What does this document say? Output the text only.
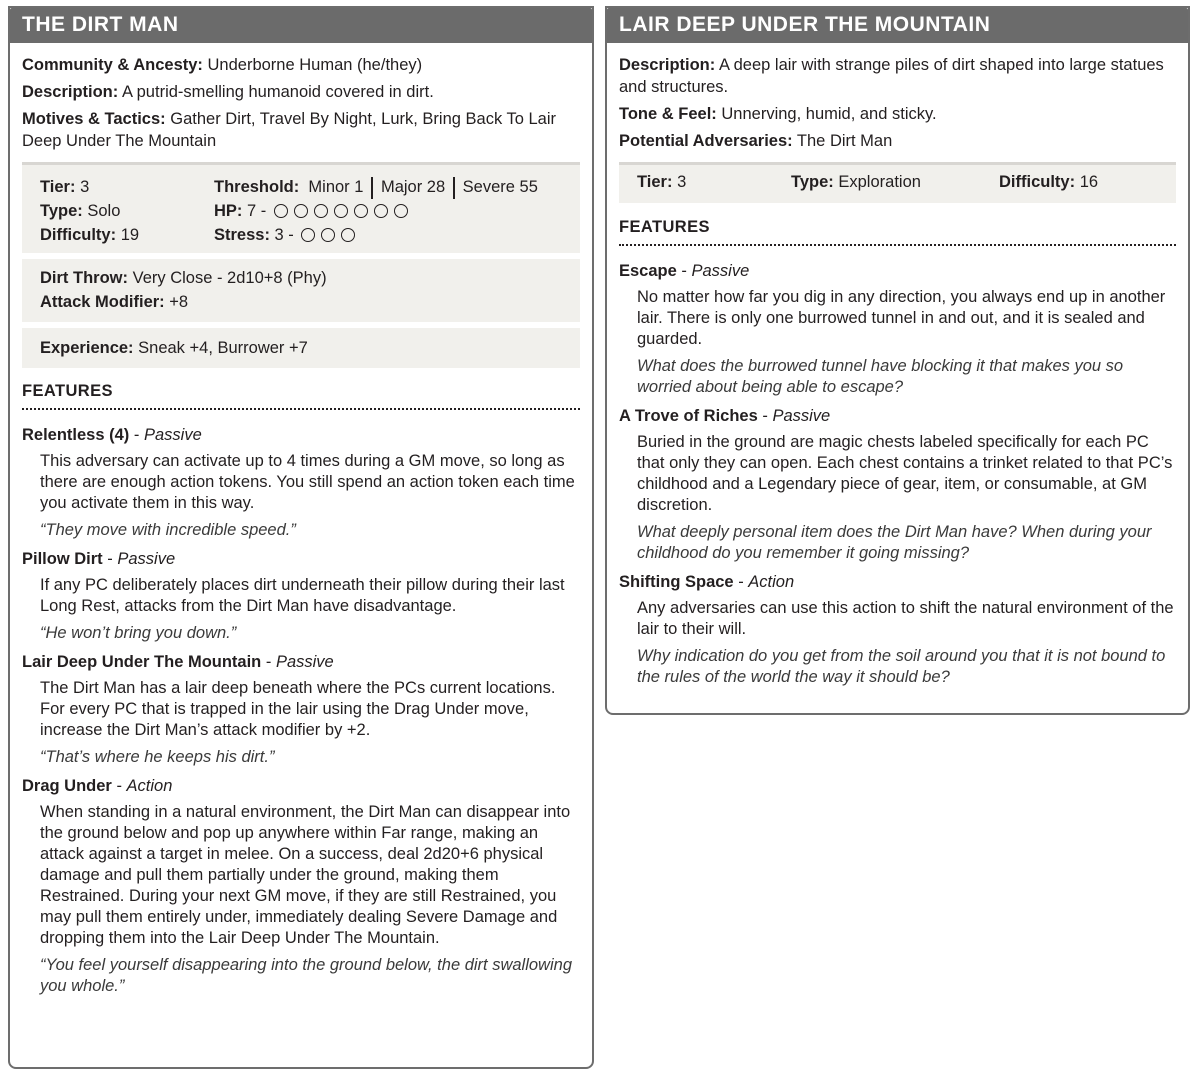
THE DIRT MAN
Community & Ancesty: Underborne Human (he/they)
Description: A putrid-smelling humanoid covered in dirt.
Motives & Tactics: Gather Dirt, Travel By Night, Lurk, Bring Back To Lair Deep Under The Mountain
Tier: 3
Type: Solo
Difficulty: 19
Threshold: Minor 1 Major 28 Severe 55
HP: 7 -
Stress: 3 -
Dirt Throw: Very Close - 2d10+8 (Phy)
Attack Modifier: +8
Experience: Sneak +4, Burrower +7
FEATURES
Relentless (4) - Passive
This adversary can activate up to 4 times during a GM move, so long as there are enough action tokens. You still spend an action token each time you activate them in this way.
“They move with incredible speed.”
Pillow Dirt - Passive
If any PC deliberately places dirt underneath their pillow during their last Long Rest, attacks from the Dirt Man have disadvantage.
“He won’t bring you down.”
Lair Deep Under The Mountain - Passive
The Dirt Man has a lair deep beneath where the PCs current locations. For every PC that is trapped in the lair using the Drag Under move, increase the Dirt Man’s attack modifier by +2.
“That’s where he keeps his dirt.”
Drag Under - Action
When standing in a natural environment, the Dirt Man can disappear into the ground below and pop up anywhere within Far range, making an attack against a target in melee. On a success, deal 2d20+6 physical damage and pull them partially under the ground, making them Restrained. During your next GM move, if they are still Restrained, you may pull them entirely under, immediately dealing Severe Damage and dropping them into the Lair Deep Under The Mountain.
“You feel yourself disappearing into the ground below, the dirt swallowing you whole.”
LAIR DEEP UNDER THE MOUNTAIN
Description: A deep lair with strange piles of dirt shaped into large statues and structures.
Tone & Feel: Unnerving, humid, and sticky.
Potential Adversaries: The Dirt Man
Tier: 3	Type: Exploration	Difficulty: 16
FEATURES
Escape - Passive
No matter how far you dig in any direction, you always end up in another lair. There is only one burrowed tunnel in and out, and it is sealed and guarded.
What does the burrowed tunnel have blocking it that makes you so worried about being able to escape?
A Trove of Riches - Passive
Buried in the ground are magic chests labeled specifically for each PC that only they can open. Each chest contains a trinket related to that PC’s childhood and a Legendary piece of gear, item, or consumable, at GM discretion.
What deeply personal item does the Dirt Man have? When during your childhood do you remember it going missing?
Shifting Space - Action
Any adversaries can use this action to shift the natural environment of the lair to their will.
Why indication do you get from the soil around you that it is not bound to the rules of the world the way it should be?
